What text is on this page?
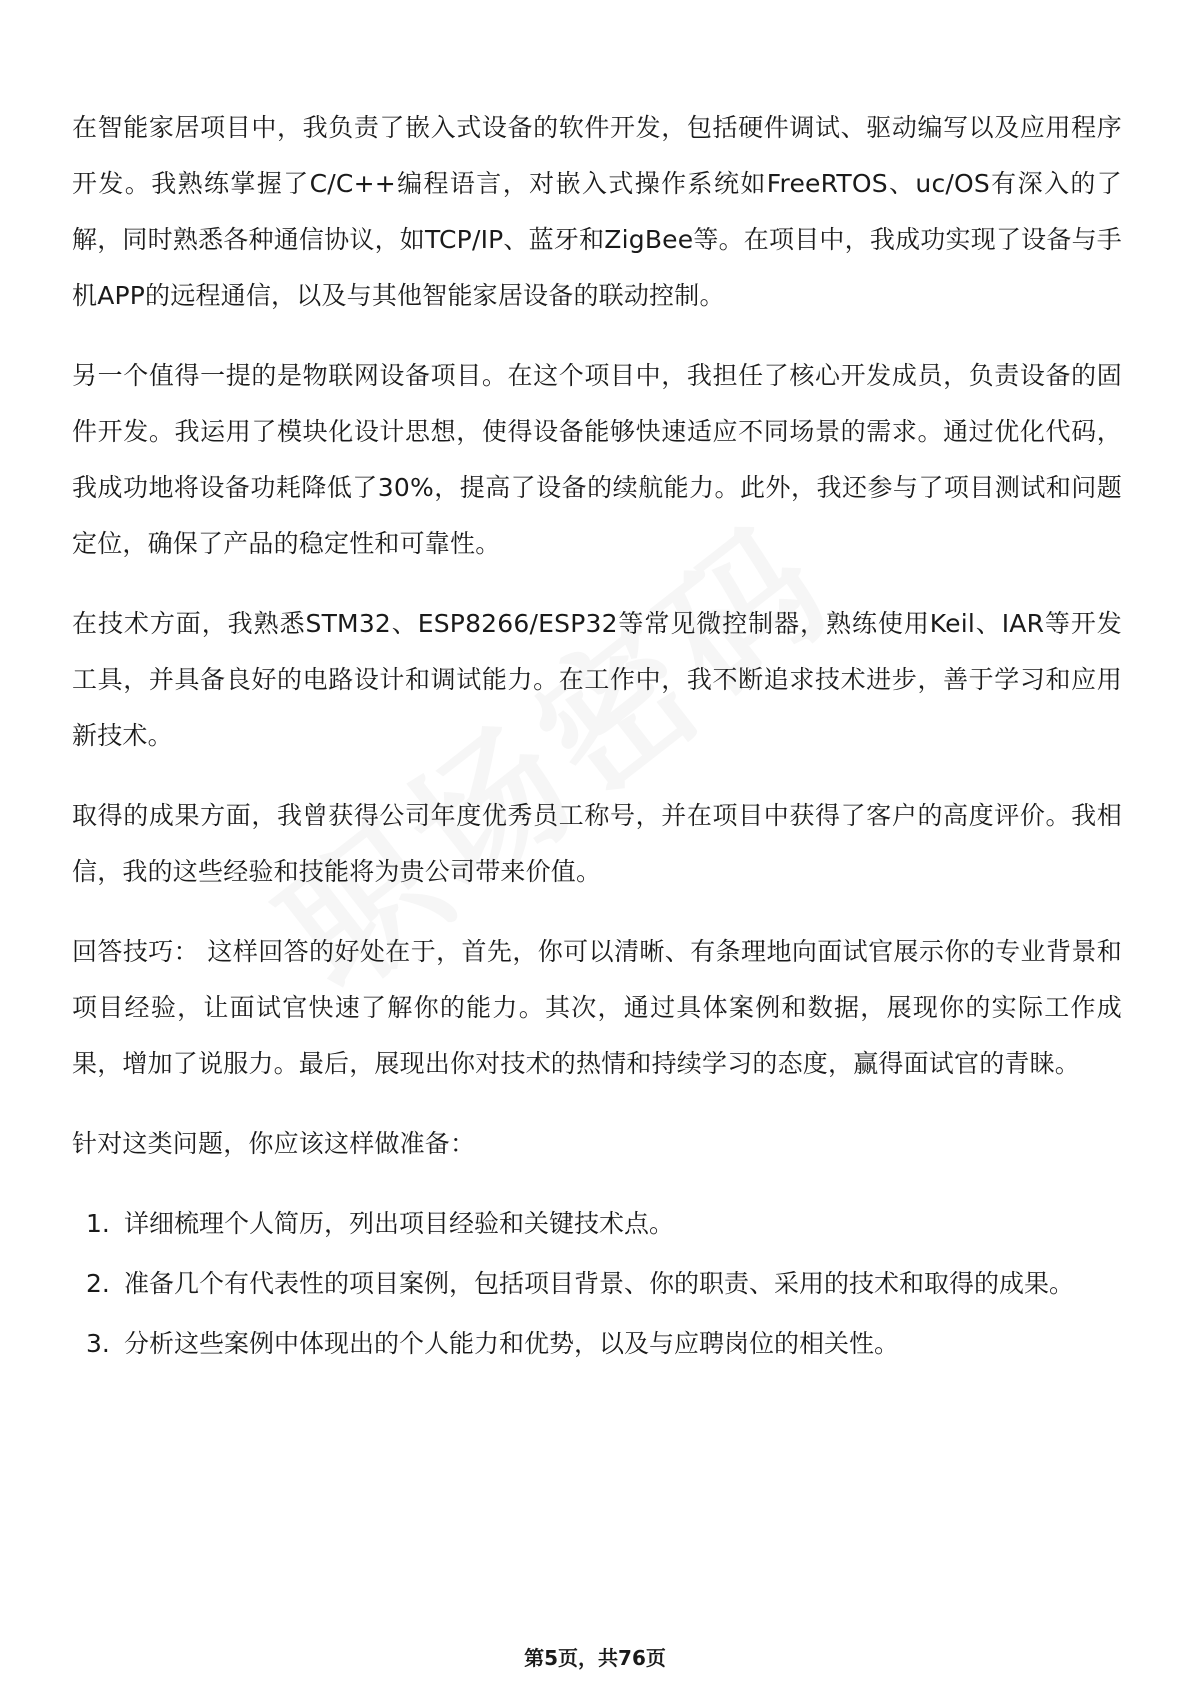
在智能家居项目中，我负责了嵌入式设备的软件开发，包括硬件调试、驱动编写以及应用程序开发。我熟练掌握了C/C++编程语言，对嵌入式操作系统如FreeRTOS、uc/OS有深入的了解，同时熟悉各种通信协议，如TCP/IP、蓝牙和ZigBee等。在项目中，我成功实现了设备与手机APP的远程通信，以及与其他智能家居设备的联动控制。

另一个值得一提的是物联网设备项目。在这个项目中，我担任了核心开发成员，负责设备的固件开发。我运用了模块化设计思想，使得设备能够快速适应不同场景的需求。通过优化代码，我成功地将设备功耗降低了30%，提高了设备的续航能力。此外，我还参与了项目测试和问题定位，确保了产品的稳定性和可靠性。

在技术方面，我熟悉STM32、ESP8266/ESP32等常见微控制器，熟练使用Keil、IAR等开发工具，并具备良好的电路设计和调试能力。在工作中，我不断追求技术进步，善于学习和应用新技术。

取得的成果方面，我曾获得公司年度优秀员工称号，并在项目中获得了客户的高度评价。我相信，我的这些经验和技能将为贵公司带来价值。

回答技巧： 这样回答的好处在于，首先，你可以清晰、有条理地向面试官展示你的专业背景和项目经验，让面试官快速了解你的能力。其次，通过具体案例和数据，展现你的实际工作成果，增加了说服力。最后，展现出你对技术的热情和持续学习的态度，赢得面试官的青睐。

针对这类问题，你应该这样做准备：

1. 详细梳理个人简历，列出项目经验和关键技术点。
2. 准备几个有代表性的项目案例，包括项目背景、你的职责、采用的技术和取得的成果。
3. 分析这些案例中体现出的个人能力和优势，以及与应聘岗位的相关性。
第5页，共76页
